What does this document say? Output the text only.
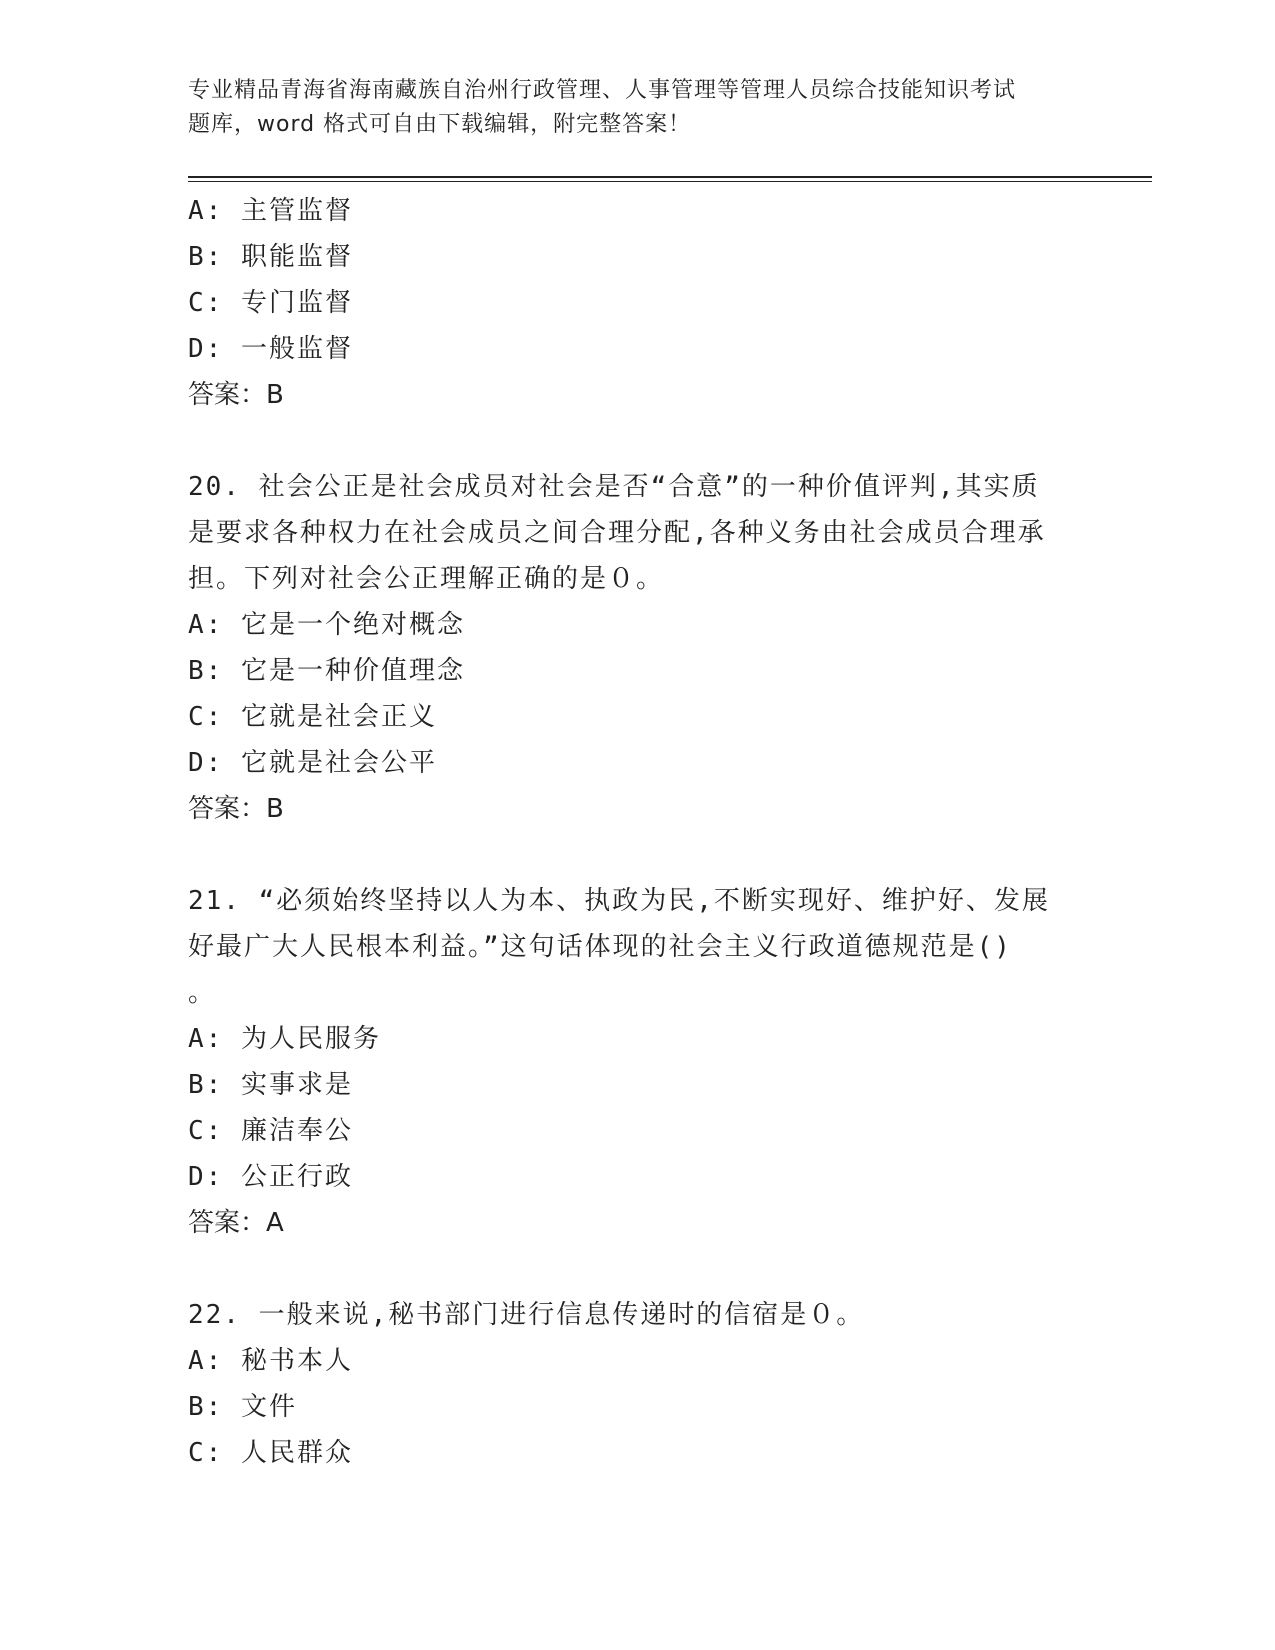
专业精品青海省海南藏族自治州行政管理、人事管理等管理人员综合技能知识考试
题库，word 格式可自由下载编辑，附完整答案！
A: 主管监督
B: 职能监督
C: 专门监督
D: 一般监督
答案：B
20. 社会公正是社会成员对社会是否“合意”的一种价值评判,其实质
是要求各种权力在社会成员之间合理分配,各种义务由社会成员合理承
担。下列对社会公正理解正确的是０。
A: 它是一个绝对概念
B: 它是一种价值理念
C: 它就是社会正义
D: 它就是社会公平
答案：B
21. “必须始终坚持以人为本、执政为民,不断实现好、维护好、发展
好最广大人民根本利益。”这句话体现的社会主义行政道德规范是()
。
A: 为人民服务
B: 实事求是
C: 廉洁奉公
D: 公正行政
答案：A
22. 一般来说,秘书部门进行信息传递时的信宿是０。
A: 秘书本人
B: 文件
C: 人民群众
